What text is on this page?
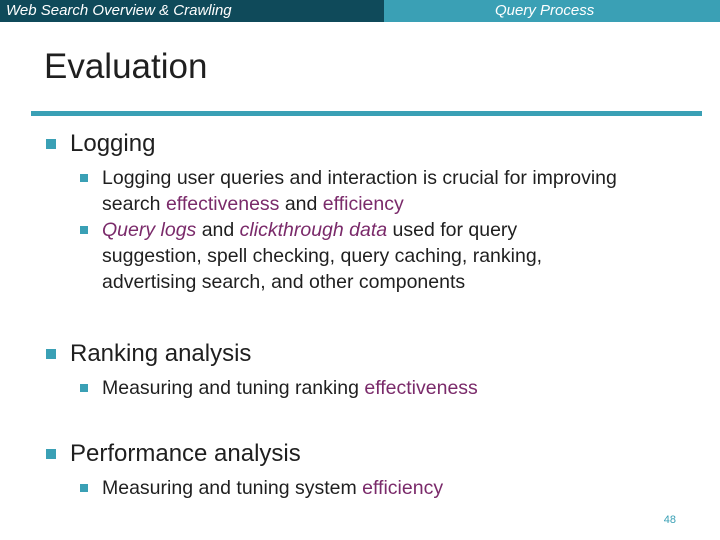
Web Search Overview & Crawling	Query Process
Evaluation
Logging
Logging user queries and interaction is crucial for improving search effectiveness and efficiency
Query logs and clickthrough data used for query suggestion, spell checking, query caching, ranking, advertising search, and other components
Ranking analysis
Measuring and tuning ranking effectiveness
Performance analysis
Measuring and tuning system efficiency
48
